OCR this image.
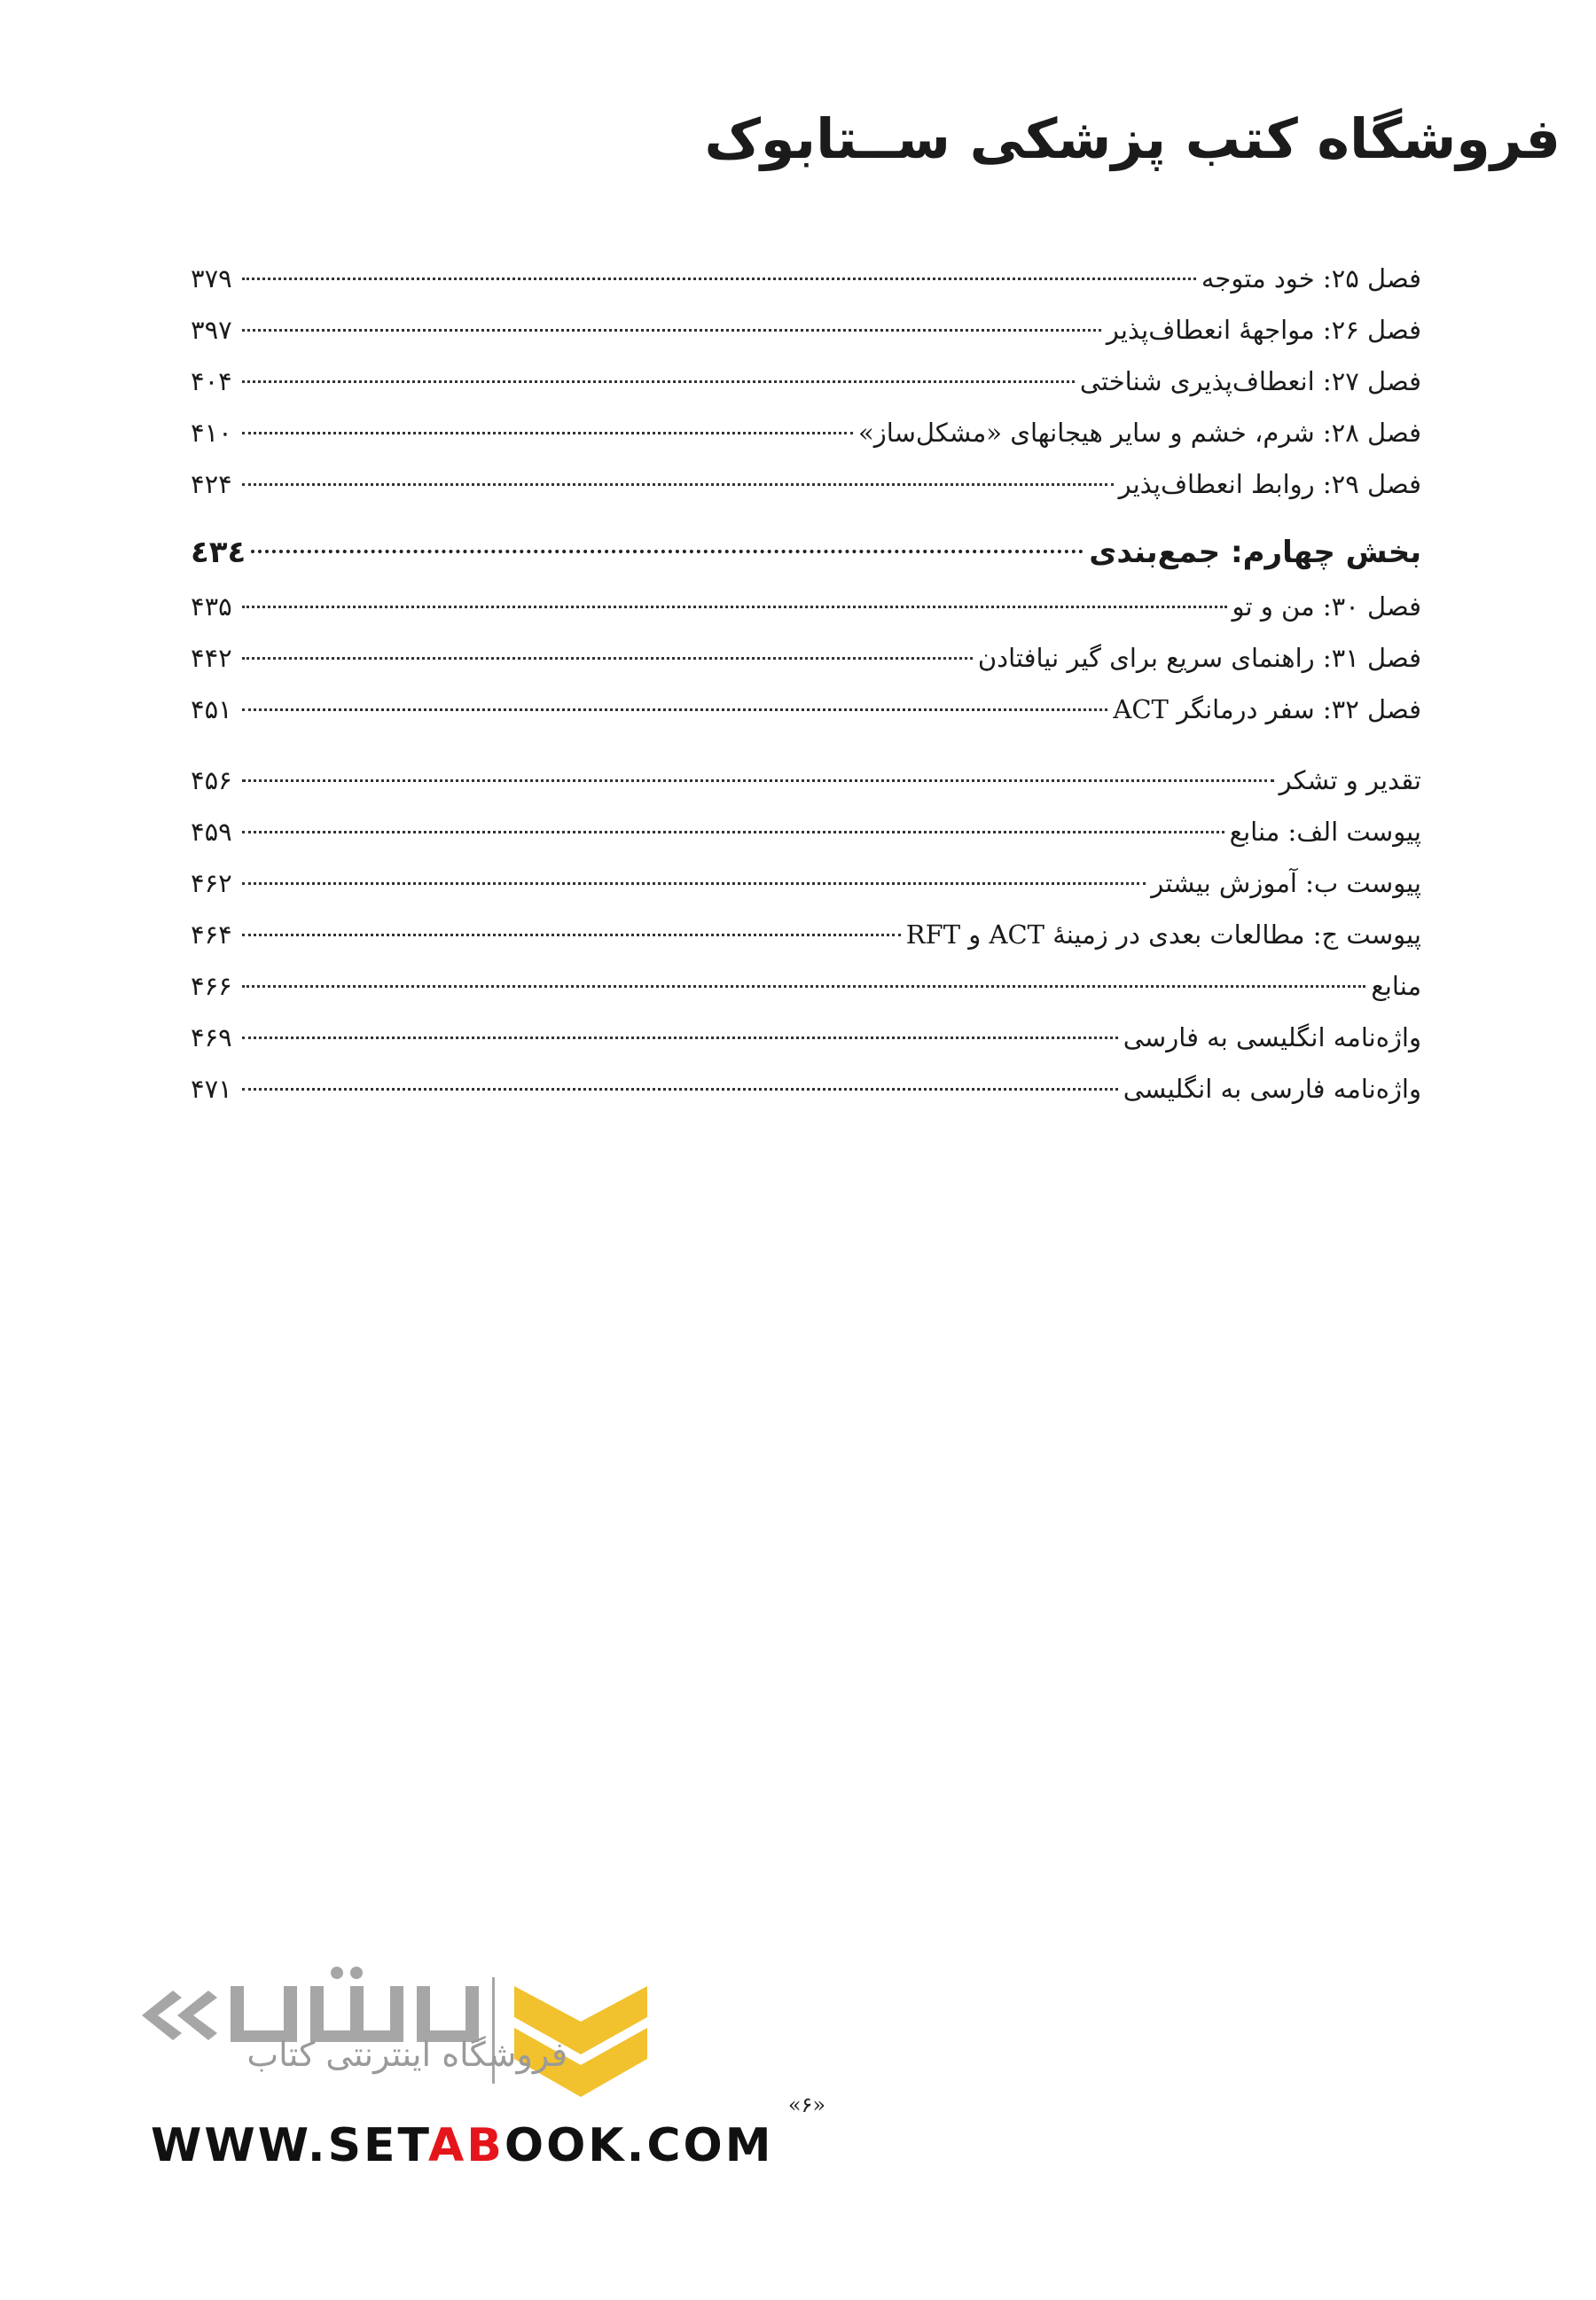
فروشگاه کتب پزشکی ســتابوک
فصل ۲۵: خود متوجه
۳۷۹
فصل ۲۶: مواجههٔ انعطاف‌پذیر
۳۹۷
فصل ۲۷: انعطاف‌پذیری شناختی
۴۰۴
فصل ۲۸: شرم، خشم و سایر هیجانهای «مشکل‌ساز»
۴۱۰
فصل ۲۹: روابط انعطاف‌پذیر
۴۲۴
بخش چهارم: جمع‌بندی
٤٣٤
فصل ۳۰: من و تو
۴۳۵
فصل ۳۱: راهنمای سریع برای گیر نیافتادن
۴۴۲
فصل ۳۲: سفر درمانگر ACT
۴۵۱
تقدیر و تشکر
۴۵۶
پیوست الف: منابع
۴۵۹
پیوست ب: آموزش بیشتر
۴۶۲
پیوست ج: مطالعات بعدی در زمینهٔ ACT و RFT
۴۶۴
منابع
۴۶۶
واژه‌نامه انگلیسی به فارسی
۴۶۹
واژه‌نامه فارسی به انگلیسی
۴۷۱
«۶»
فروشگاه اینترنتی کتاب
WWW.SETABOOK.COM
